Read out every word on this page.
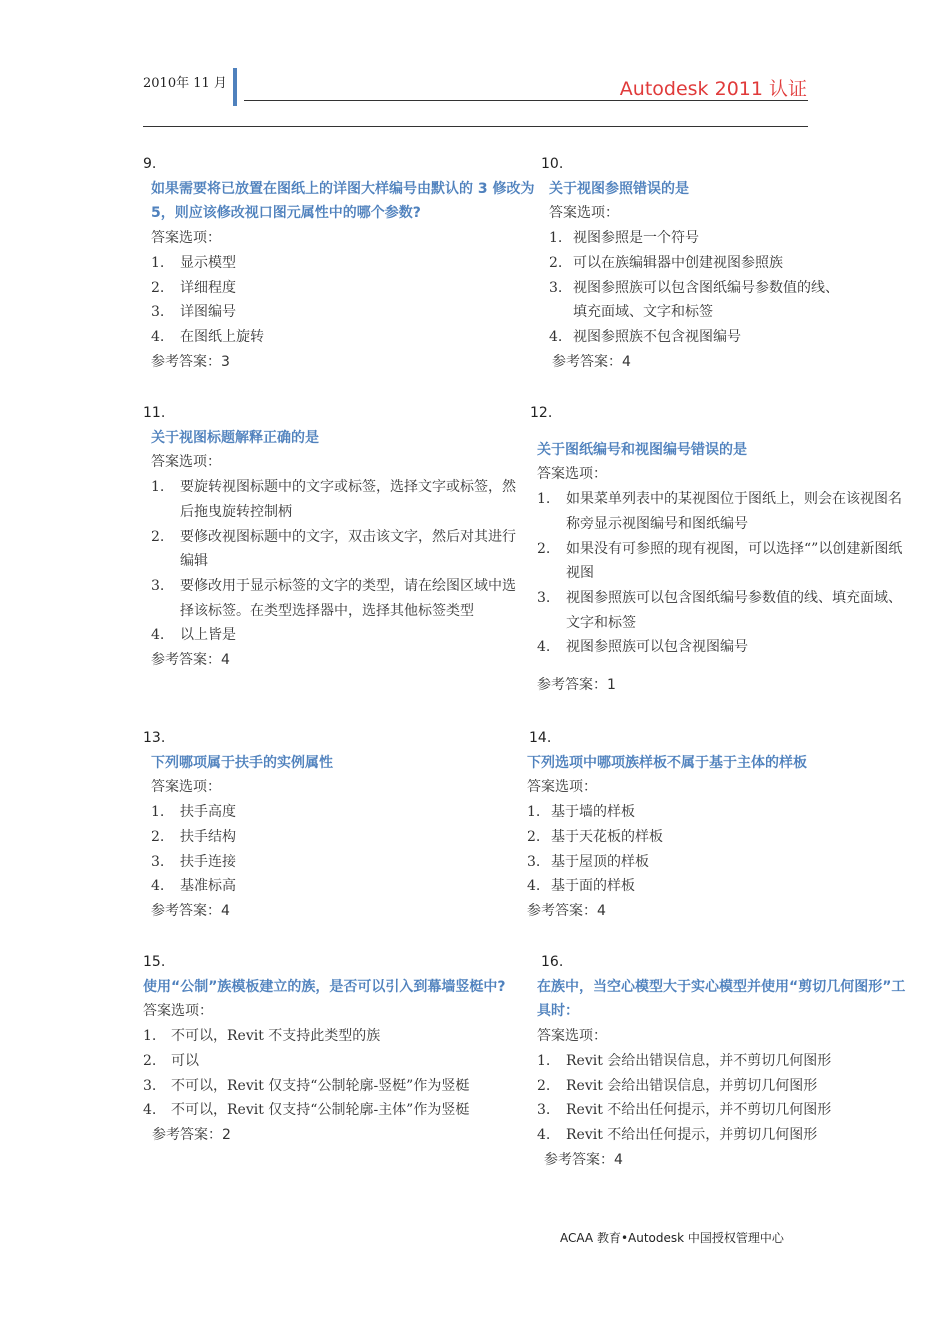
2010年 11 月	Autodesk 2011 认证
9.
如果需要将已放置在图纸上的详图大样编号由默认的 3 修改为 5，则应该修改视口图元属性中的哪个参数?
答案选项：
1.	显示模型
2.	详细程度
3.	详图编号
4.	在图纸上旋转
参考答案：3
10.
关于视图参照错误的是
答案选项：
1. 视图参照是一个符号
2. 可以在族编辑器中创建视图参照族
3. 视图参照族可以包含图纸编号参数值的线、填充面域、文字和标签
4. 视图参照族不包含视图编号
参考答案：4
11.
关于视图标题解释正确的是
答案选项：
1.	要旋转视图标题中的文字或标签，选择文字或标签，然后拖曳旋转控制柄
2.	要修改视图标题中的文字，双击该文字，然后对其进行编辑
3.	要修改用于显示标签的文字的类型，请在绘图区域中选择该标签。在类型选择器中，选择其他标签类型
4.	以上皆是
参考答案：4
12.
关于图纸编号和视图编号错误的是
答案选项：
1.	如果菜单列表中的某视图位于图纸上，则会在该视图名称旁显示视图编号和图纸编号
2.	如果没有可参照的现有视图，可以选择“”以创建新图纸视图
3.	视图参照族可以包含图纸编号参数值的线、填充面域、文字和标签
4.	视图参照族可以包含视图编号
参考答案：1
13.
下列哪项属于扶手的实例属性
答案选项：
1.	扶手高度
2.	扶手结构
3.	扶手连接
4.	基准标高
参考答案：4
14.
下列选项中哪项族样板不属于基于主体的样板
答案选项：
1. 基于墙的样板
2. 基于天花板的样板
3. 基于屋顶的样板
4. 基于面的样板
参考答案：4
15.
使用“公制”族模板建立的族，是否可以引入到幕墙竖梃中?
答案选项：
1.	不可以，Revit 不支持此类型的族
2.	可以
3.	不可以，Revit 仅支持“公制轮廓-竖梃”作为竖梃
4.	不可以，Revit 仅支持“公制轮廓-主体”作为竖梃
参考答案：2
16.
在族中，当空心模型大于实心模型并使用“剪切几何图形”工具时：
答案选项：
1.	Revit 会给出错误信息，并不剪切几何图形
2.	Revit 会给出错误信息，并剪切几何图形
3.	Revit 不给出任何提示，并不剪切几何图形
4.	Revit 不给出任何提示，并剪切几何图形
参考答案：4
ACAA 教育•Autodesk 中国授权管理中心
